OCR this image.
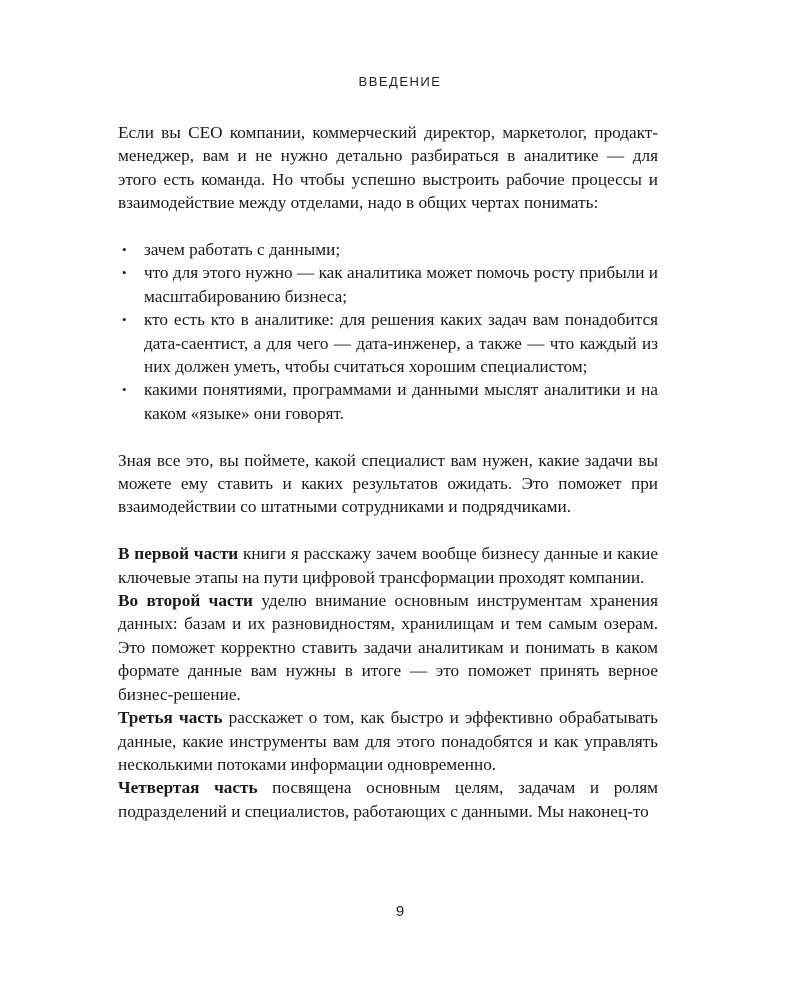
ВВЕДЕНИЕ

Если вы CEO компании, коммерческий директор, маркетолог, продакт-менеджер, вам и не нужно детально разбираться в аналитике — для этого есть команда. Но чтобы успешно выстроить рабочие процессы и взаимодействие между отделами, надо в общих чертах понимать:

• зачем работать с данными;
• что для этого нужно — как аналитика может помочь росту прибыли и масштабированию бизнеса;
• кто есть кто в аналитике: для решения каких задач вам понадобится дата-саентист, а для чего — дата-инженер, а также — что каждый из них должен уметь, чтобы считаться хорошим специалистом;
• какими понятиями, программами и данными мыслят аналитики и на каком «языке» они говорят.

Зная все это, вы поймете, какой специалист вам нужен, какие задачи вы можете ему ставить и каких результатов ожидать. Это поможет при взаимодействии со штатными сотрудниками и подрядчиками.

В первой части книги я расскажу зачем вообще бизнесу данные и какие ключевые этапы на пути цифровой трансформации проходят компании.

Во второй части уделю внимание основным инструментам хранения данных: базам и их разновидностям, хранилищам и тем самым озерам. Это поможет корректно ставить задачи аналитикам и понимать в каком формате данные вам нужны в итоге — это поможет принять верное бизнес-решение.

Третья часть расскажет о том, как быстро и эффективно обрабатывать данные, какие инструменты вам для этого понадобятся и как управлять несколькими потоками информации одновременно.

Четвертая часть посвящена основным целям, задачам и ролям подразделений и специалистов, работающих с данными. Мы наконец-то

9
